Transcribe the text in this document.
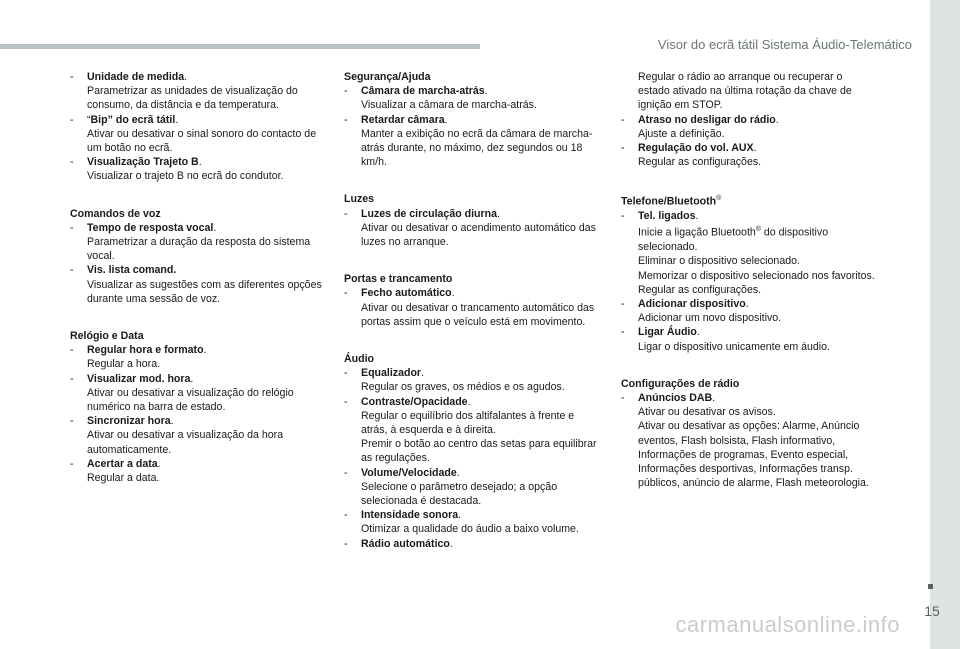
Visor do ecrã tátil Sistema Áudio-Telemático
15
- Unidade de medida.
Parametrizar as unidades de visualização do consumo, da distância e da temperatura.
- “Bip” do ecrã tátil.
Ativar ou desativar o sinal sonoro do contacto de um botão no ecrã.
- Visualização Trajeto B.
Visualizar o trajeto B no ecrã do condutor.
Comandos de voz
- Tempo de resposta vocal.
Parametrizar a duração da resposta do sistema vocal.
- Vis. lista comand.
Visualizar as sugestões com as diferentes opções durante uma sessão de voz.
Relógio e Data
- Regular hora e formato.
Regular a hora.
- Visualizar mod. hora.
Ativar ou desativar a visualização do relógio numérico na barra de estado.
- Sincronizar hora.
Ativar ou desativar a visualização da hora automaticamente.
- Acertar a data.
Regular a data.
Segurança/Ajuda
- Câmara de marcha-atrás.
Visualizar a câmara de marcha-atrás.
- Retardar câmara.
Manter a exibição no ecrã da câmara de marcha-atrás durante, no máximo, dez segundos ou 18 km/h.
Luzes
- Luzes de circulação diurna.
Ativar ou desativar o acendimento automático das luzes no arranque.
Portas e trancamento
- Fecho automático.
Ativar ou desativar o trancamento automático das portas assim que o veículo está em movimento.
Áudio
- Equalizador.
Regular os graves, os médios e os agudos.
- Contraste/Opacidade.
Regular o equilíbrio dos altifalantes à frente e atrás, à esquerda e à direita.
Premir o botão ao centro das setas para equilibrar as regulações.
- Volume/Velocidade.
Selecione o parâmetro desejado; a opção selecionada é destacada.
- Intensidade sonora.
Otimizar a qualidade do áudio a baixo volume.
- Rádio automático.
Regular o rádio ao arranque ou recuperar o estado ativado na última rotação da chave de ignição em STOP.
- Atraso no desligar do rádio.
Ajuste a definição.
- Regulação do vol. AUX.
Regular as configurações.
Telefone/Bluetooth®
- Tel. ligados.
Inicie a ligação Bluetooth® do dispositivo selecionado.
Eliminar o dispositivo selecionado.
Memorizar o dispositivo selecionado nos favoritos.
Regular as configurações.
- Adicionar dispositivo.
Adicionar um novo dispositivo.
- Ligar Áudio.
Ligar o dispositivo unicamente em áudio.
Configurações de rádio
- Anúncios DAB.
Ativar ou desativar os avisos.
Ativar ou desativar as opções: Alarme, Anúncio eventos, Flash bolsista, Flash informativo, Informações de programas, Evento especial, Informações desportivas, Informações transp. públicos, anúncio de alarme, Flash meteorologia.
carmanualsonline.info
